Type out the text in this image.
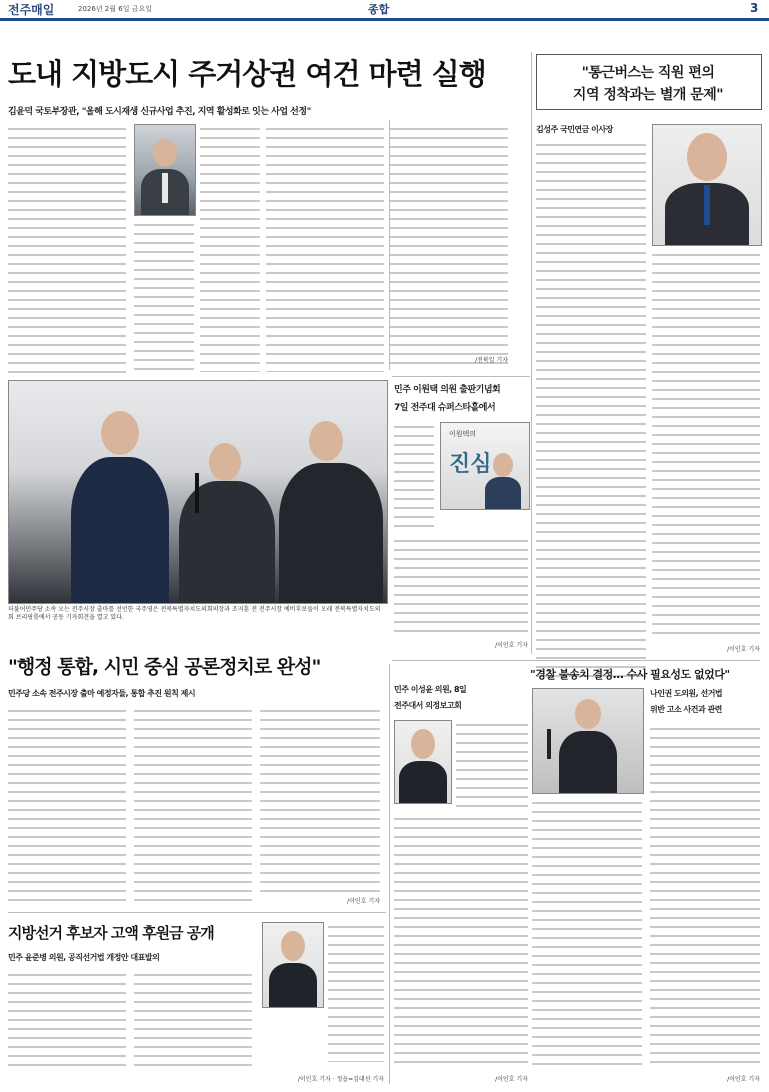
전주매일	2026년 2월 6일 금요일	종합	3
도내 지방도시 주거상권 여건 마련 실행
김윤덕 국토부장관, "올해 도시재생 신규사업 추진, 지역 활성화로 잇는 사업 선정"
/전북일 기자
더불어민주당 소속 오는 전주시장 출마를 선언한 국주영은 전북특별자치도의회의장과 조지훈 전 전주시장 예비후보들이 오래 전북특별자치도의회 브리핑룸에서 공동 기자회견을 열고 있다.
"통근버스는 직원 편의
지역 정착과는 별개 문제"
김성주 국민연금 이사장
/이인호 기자
민주 이원택 의원 출판기념회
7일 전주대 슈퍼스타홀에서
이원택의
진심
/이인호 기자
"행정 통합, 시민 중심 공론정치로 완성"
민주당 소속 전주시장 출마 예정자들, 통합 추진 원칙 제시
/이인호 기자
"경찰 불송치 결정… 수사 필요성도 없었다"
민주 이성윤 의원, 8일
전주대서 의정보고회
/이인호 기자
나인권 도의원, 선거법
위반 고소 사건과 관련
/이인호 기자
지방선거 후보자 고액 후원금 공개
민주 윤준병 의원, 공직선거법 개정안 대표발의
/이인호 기자 · 정읍=김대선 기자
